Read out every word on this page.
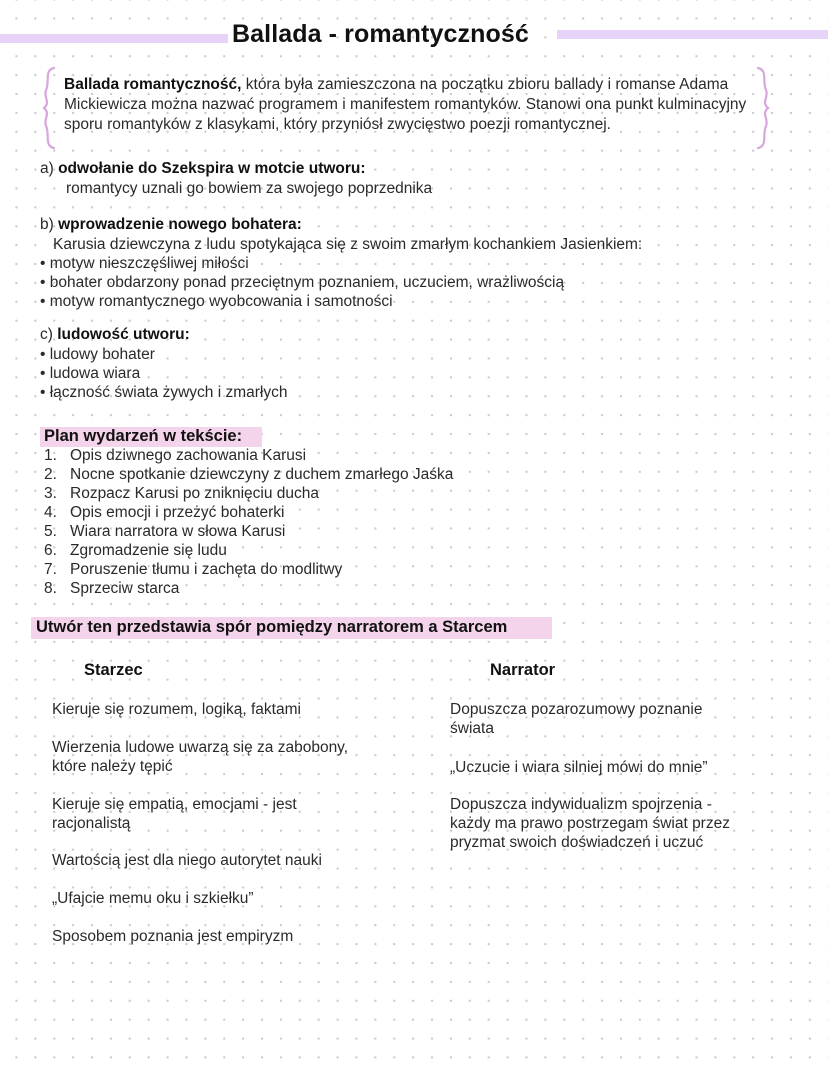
Ballada - romantyczność
Ballada romantyczność, która była zamieszczona na początku zbioru ballady i romanse Adama Mickiewicza można nazwać programem i manifestem romantyków. Stanowi ona punkt kulminacyjny sporu romantyków z klasykami, który przyniósł zwycięstwo poezji romantycznej.
a) odwołanie do Szekspira w motcie utworu:
romantycy uznali go bowiem za swojego poprzednika
b) wprowadzenie nowego bohatera:
Karusia dziewczyna z ludu spotykająca się z swoim zmarłym kochankiem Jasienkiem:
• motyw nieszczęśliwej miłości
• bohater obdarzony ponad przeciętnym poznaniem, uczuciem, wrażliwością
• motyw romantycznego wyobcowania i samotności
c) ludowość utworu:
• ludowy bohater
• ludowa wiara
• łączność świata żywych i zmarłych
Plan wydarzeń w tekście:
1. Opis dziwnego zachowania Karusi
2. Nocne spotkanie dziewczyny z duchem zmarłego Jaśka
3. Rozpacz Karusi po zniknięciu ducha
4. Opis emocji i przeżyć bohaterki
5. Wiara narratora w słowa Karusi
6. Zgromadzenie się ludu
7. Poruszenie tłumu i zachęta do modlitwy
8. Sprzeciw starca
Utwór ten przedstawia spór pomiędzy narratorem a Starcem
Starzec	Narrator
Kieruje się rozumem, logiką, faktami
Wierzenia ludowe uwarzą się za zabobony,
które należy tępić
Kieruje się empatią, emocjami - jest
racjonalistą
Wartością jest dla niego autorytet nauki
„Ufajcie memu oku i szkiełku”
Sposobem poznania jest empiryzm
Dopuszcza pozarozumowy poznanie
świata
„Uczucie i wiara silniej mówi do mnie”
Dopuszcza indywidualizm spojrzenia -
każdy ma prawo postrzegam świat przez
pryzmat swoich doświadczeń i uczuć
